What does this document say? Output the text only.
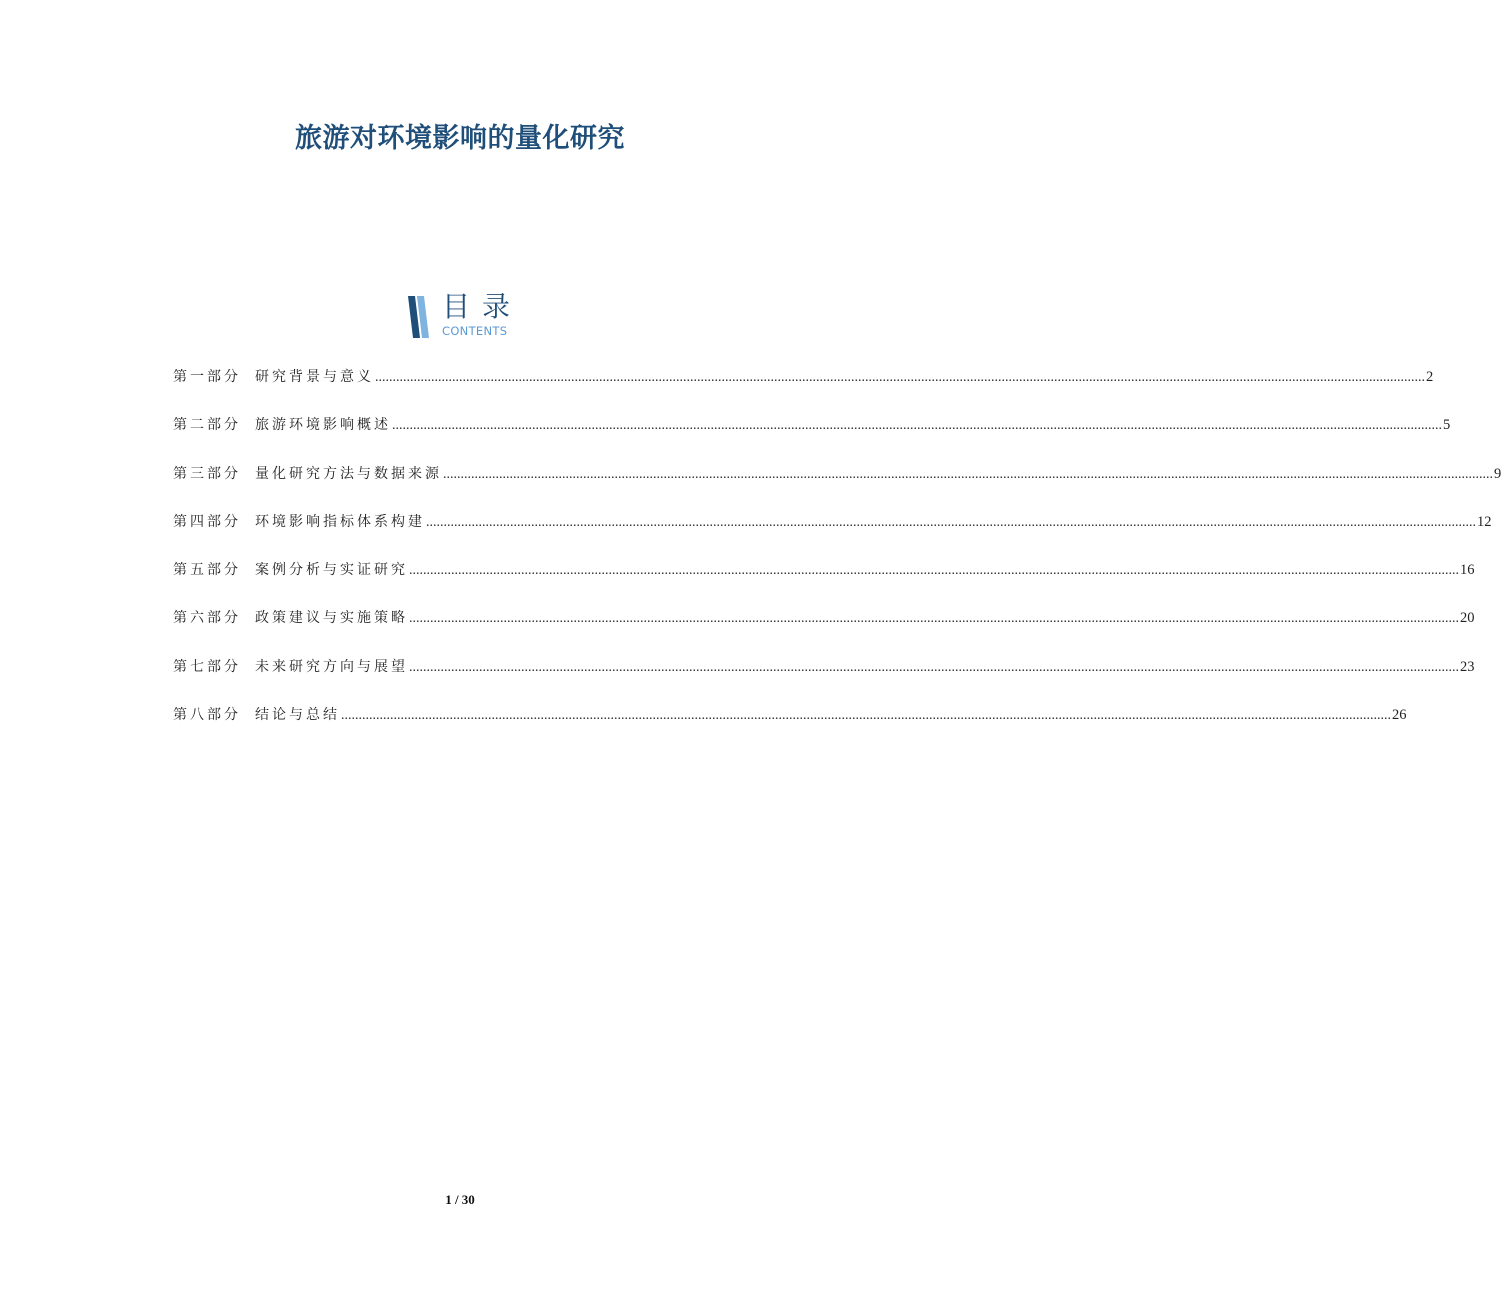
旅游对环境影响的量化研究
目录
CONTENTS
第一部分 研究背景与意义 ............................................................................................................................................................................................................................................................................................................ 2
第二部分 旅游环境影响概述 ............................................................................................................................................................................................................................................................................................................ 5
第三部分 量化研究方法与数据来源 ............................................................................................................................................................................................................................................................................................................ 9
第四部分 环境影响指标体系构建 ............................................................................................................................................................................................................................................................................................................ 12
第五部分 案例分析与实证研究 ............................................................................................................................................................................................................................................................................................................ 16
第六部分 政策建议与实施策略 ............................................................................................................................................................................................................................................................................................................ 20
第七部分 未来研究方向与展望 ............................................................................................................................................................................................................................................................................................................ 23
第八部分 结论与总结 ............................................................................................................................................................................................................................................................................................................ 26
1 / 30
